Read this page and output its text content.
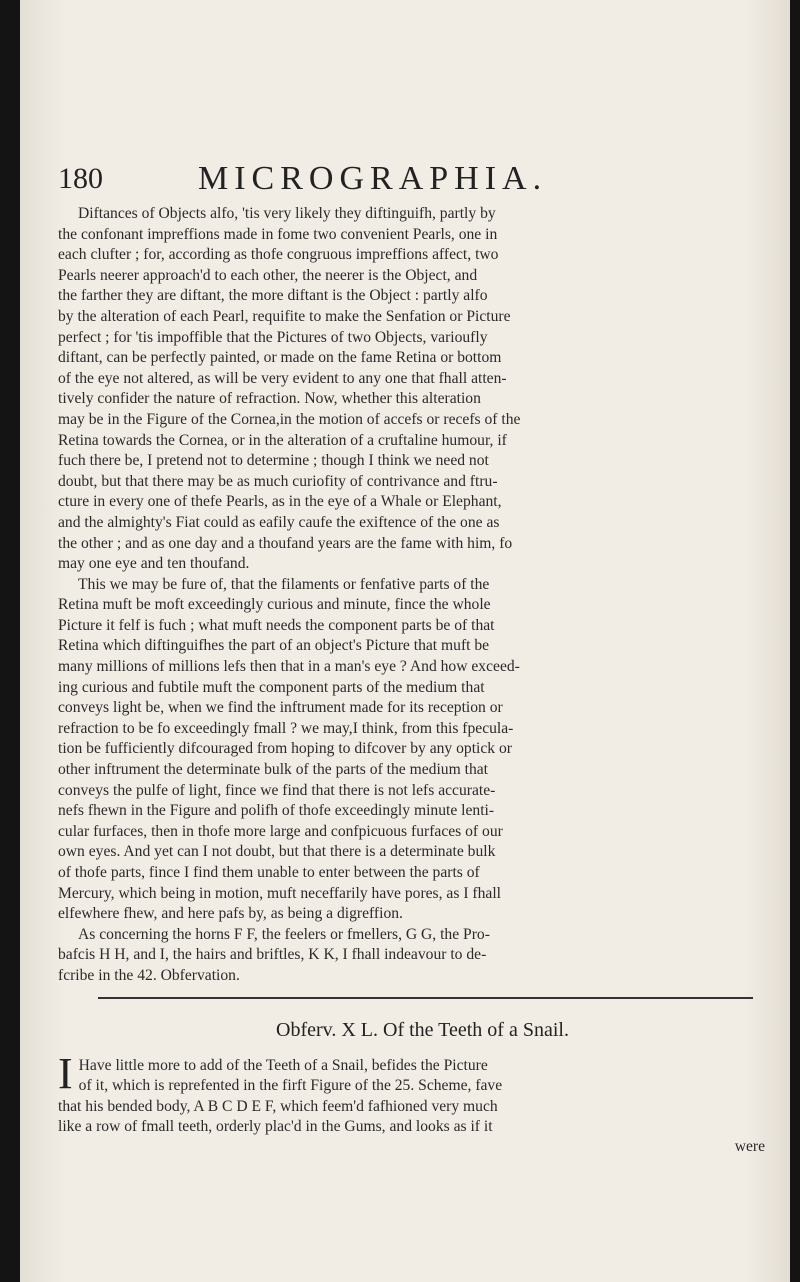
180	MICROGRAPHIA.

Diftances of Objects alfo, 'tis very likely they diftinguifh, partly by
the confonant impreffions made in fome two convenient Pearls, one in
each clufter ; for, according as thofe congruous impreffions affect, two
Pearls neerer approach'd to each other, the neerer is the Object, and
the farther they are diftant, the more diftant is the Object : partly alfo
by the alteration of each Pearl, requifite to make the Senfation or Picture
perfect ; for 'tis impoffible that the Pictures of two Objects, varioufly
diftant, can be perfectly painted, or made on the fame Retina or bottom
of the eye not altered, as will be very evident to any one that fhall atten-
tively confider the nature of refraction. Now, whether this alteration
may be in the Figure of the Cornea,in the motion of accefs or recefs of the
Retina towards the Cornea, or in the alteration of a cruftaline humour, if
fuch there be, I pretend not to determine ; though I think we need not
doubt, but that there may be as much curiofity of contrivance and ftru-
cture in every one of thefe Pearls, as in the eye of a Whale or Elephant,
and the almighty's Fiat could as eafily caufe the exiftence of the one as
the other ; and as one day and a thoufand years are the fame with him, fo
may one eye and ten thoufand.

This we may be fure of, that the filaments or fenfative parts of the
Retina muft be moft exceedingly curious and minute, fince the whole
Picture it felf is fuch ; what muft needs the component parts be of that
Retina which diftinguifhes the part of an object's Picture that muft be
many millions of millions lefs then that in a man's eye ? And how exceed-
ing curious and fubtile muft the component parts of the medium that
conveys light be, when we find the inftrument made for its reception or
refraction to be fo exceedingly fmall ? we may,I think, from this fpecula-
tion be fufficiently difcouraged from hoping to difcover by any optick or
other inftrument the determinate bulk of the parts of the medium that
conveys the pulfe of light, fince we find that there is not lefs accurate-
nefs fhewn in the Figure and polifh of thofe exceedingly minute lenti-
cular furfaces, then in thofe more large and confpicuous furfaces of our
own eyes. And yet can I not doubt, but that there is a determinate bulk
of thofe parts, fince I find them unable to enter between the parts of
Mercury, which being in motion, muft neceffarily have pores, as I fhall
elfewhere fhew, and here pafs by, as being a digreffion.

As concerning the horns F F, the feelers or fmellers, G G, the Pro-
bafcis H H, and I, the hairs and briftles, K K, I fhall indeavour to de-
fcribe in the 42. Obfervation.

Obferv. X L. Of the Teeth of a Snail.

I Have little more to add of the Teeth of a Snail, befides the Picture
of it, which is reprefented in the firft Figure of the 25. Scheme, fave
that his bended body, A B C D E F, which feem'd fafhioned very much
like a row of fmall teeth, orderly plac'd in the Gums, and looks as if it

were
